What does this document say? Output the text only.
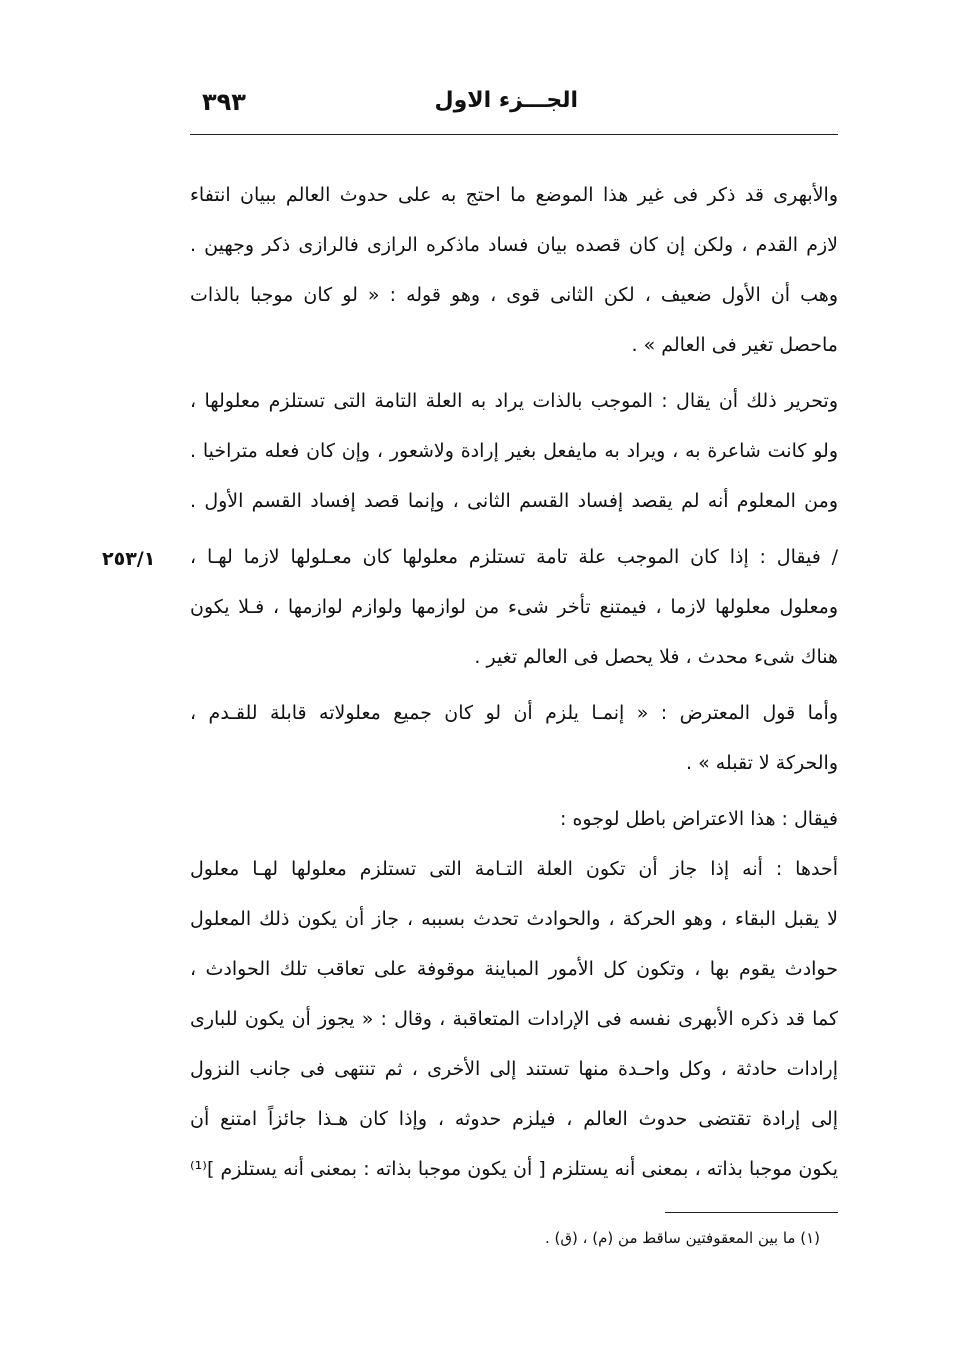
الجـــزء الاول
٣٩٣
٢٥٣/١
والأبهرى قد ذكر فى غير هذا الموضع ما احتج به على حدوث العالم ببيان انتفاء
لازم القدم ، ولكن إن كان قصده بيان فساد ماذكره الرازى فالرازى ذكر وجهين .
وهب أن الأول ضعيف ، لكن الثانى قوى ، وهو قوله : « لو كان موجبا بالذات
ماحصل تغير فى العالم » .
وتحرير ذلك أن يقال : الموجب بالذات يراد به العلة التامة التى تستلزم معلولها ،
ولو كانت شاعرة به ، ويراد به مايفعل بغير إرادة ولاشعور ، وإن كان فعله متراخيا .
ومن المعلوم أنه لم يقصد إفساد القسم الثانى ، وإنما قصد إفساد القسم الأول .
/ فيقال : إذا كان الموجب علة تامة تستلزم معلولها كان معـلولها لازما لهـا ،
ومعلول معلولها لازما ، فيمتنع تأخر شىء من لوازمها ولوازم لوازمها ، فـلا يكون
هناك شىء محدث ، فلا يحصل فى العالم تغير .
وأما قول المعترض : « إنمـا يلزم أن لو كان جميع معلولاته قابلة للقـدم ،
والحركة لا تقبله » .
فيقال : هذا الاعتراض باطل لوجوه :
أحدها : أنه إذا جاز أن تكون العلة التـامة التى تستلزم معلولها لهـا معلول
لا يقبل البقاء ، وهو الحركة ، والحوادث تحدث بسببه ، جاز أن يكون ذلك المعلول
حوادث يقوم بها ، وتكون كل الأمور المباينة موقوفة على تعاقب تلك الحوادث ،
كما قد ذكره الأبهرى نفسه فى الإرادات المتعاقبة ، وقال : « يجوز أن يكون للبارى
إرادات حادثة ، وكل واحـدة منها تستند إلى الأخرى ، ثم تنتهى فى جانب النزول
إلى إرادة تقتضى حدوث العالم ، فيلزم حدوثه ، وإذا كان هـذا جائزاً امتنع أن
يكون موجبا بذاته ، بمعنى أنه يستلزم [ أن يكون موجبا بذاته : بمعنى أنه يستلزم ]⁽¹⁾
(١) ما بين المعقوفتين ساقط من (م) ، (ق) .
